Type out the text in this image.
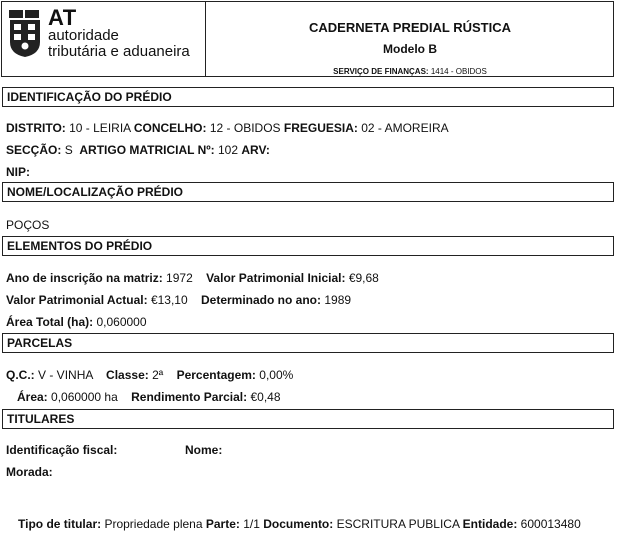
AT
autoridade
tributária e aduaneira
CADERNETA PREDIAL RÚSTICA
Modelo B
SERVIÇO DE FINANÇAS: 1414 - OBIDOS
IDENTIFICAÇÃO DO PRÉDIO
DISTRITO: 10 - LEIRIA CONCELHO: 12 - OBIDOS FREGUESIA: 02 - AMOREIRA
SECÇÃO: S ARTIGO MATRICIAL Nº: 102 ARV:
NIP:
NOME/LOCALIZAÇÃO PRÉDIO
POÇOS
ELEMENTOS DO PRÉDIO
Ano de inscrição na matriz: 1972 Valor Patrimonial Inicial: €9,68
Valor Patrimonial Actual: €13,10 Determinado no ano: 1989
Área Total (ha): 0,060000
PARCELAS
Q.C.: V - VINHA Classe: 2ª Percentagem: 0,00%
Área: 0,060000 ha Rendimento Parcial: €0,48
TITULARES
Identificação fiscal:	Nome:
Morada:
Tipo de titular: Propriedade plena Parte: 1/1 Documento: ESCRITURA PUBLICA Entidade: 600013480
